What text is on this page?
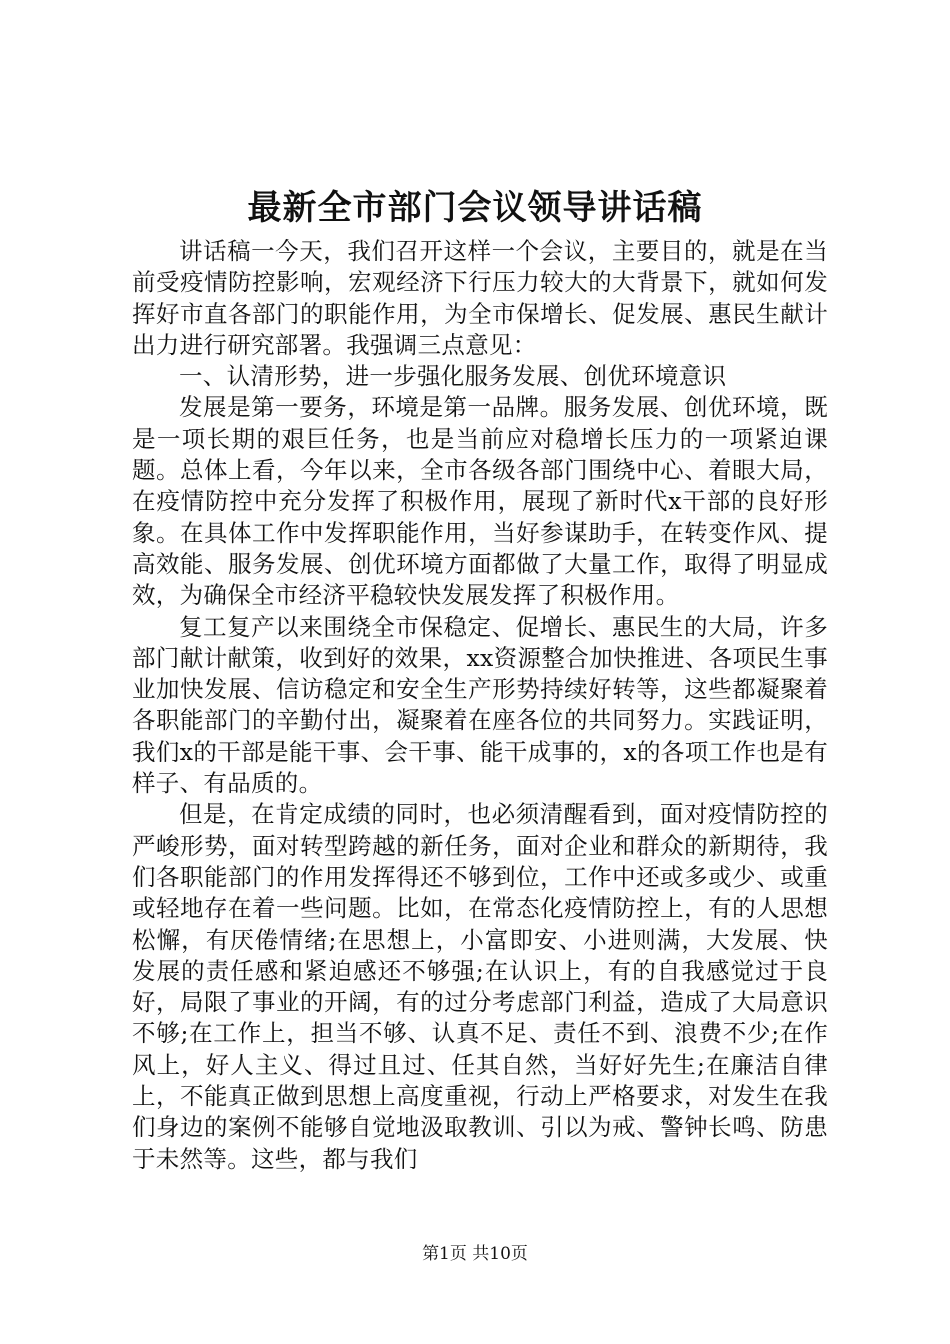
最新全市部门会议领导讲话稿

讲话稿一今天，我们召开这样一个会议，主要目的，就是在当前受疫情防控影响，宏观经济下行压力较大的大背景下，就如何发挥好市直各部门的职能作用，为全市保增长、促发展、惠民生献计出力进行研究部署。我强调三点意见：

一、认清形势，进一步强化服务发展、创优环境意识

发展是第一要务，环境是第一品牌。服务发展、创优环境，既是一项长期的艰巨任务，也是当前应对稳增长压力的一项紧迫课题。总体上看，今年以来，全市各级各部门围绕中心、着眼大局，在疫情防控中充分发挥了积极作用，展现了新时代x干部的良好形象。在具体工作中发挥职能作用，当好参谋助手，在转变作风、提高效能、服务发展、创优环境方面都做了大量工作，取得了明显成效，为确保全市经济平稳较快发展发挥了积极作用。

复工复产以来围绕全市保稳定、促增长、惠民生的大局，许多部门献计献策，收到好的效果，xx资源整合加快推进、各项民生事业加快发展、信访稳定和安全生产形势持续好转等，这些都凝聚着各职能部门的辛勤付出，凝聚着在座各位的共同努力。实践证明，我们x的干部是能干事、会干事、能干成事的，x的各项工作也是有样子、有品质的。

但是，在肯定成绩的同时，也必须清醒看到，面对疫情防控的严峻形势，面对转型跨越的新任务，面对企业和群众的新期待，我们各职能部门的作用发挥得还不够到位，工作中还或多或少、或重或轻地存在着一些问题。比如，在常态化疫情防控上，有的人思想松懈，有厌倦情绪;在思想上，小富即安、小进则满，大发展、快发展的责任感和紧迫感还不够强;在认识上，有的自我感觉过于良好，局限了事业的开阔，有的过分考虑部门利益，造成了大局意识不够;在工作上，担当不够、认真不足、责任不到、浪费不少;在作风上，好人主义、得过且过、任其自然，当好好先生;在廉洁自律上，不能真正做到思想上高度重视，行动上严格要求，对发生在我们身边的案例不能够自觉地汲取教训、引以为戒、警钟长鸣、防患于未然等。这些，都与我们

第1页 共10页
